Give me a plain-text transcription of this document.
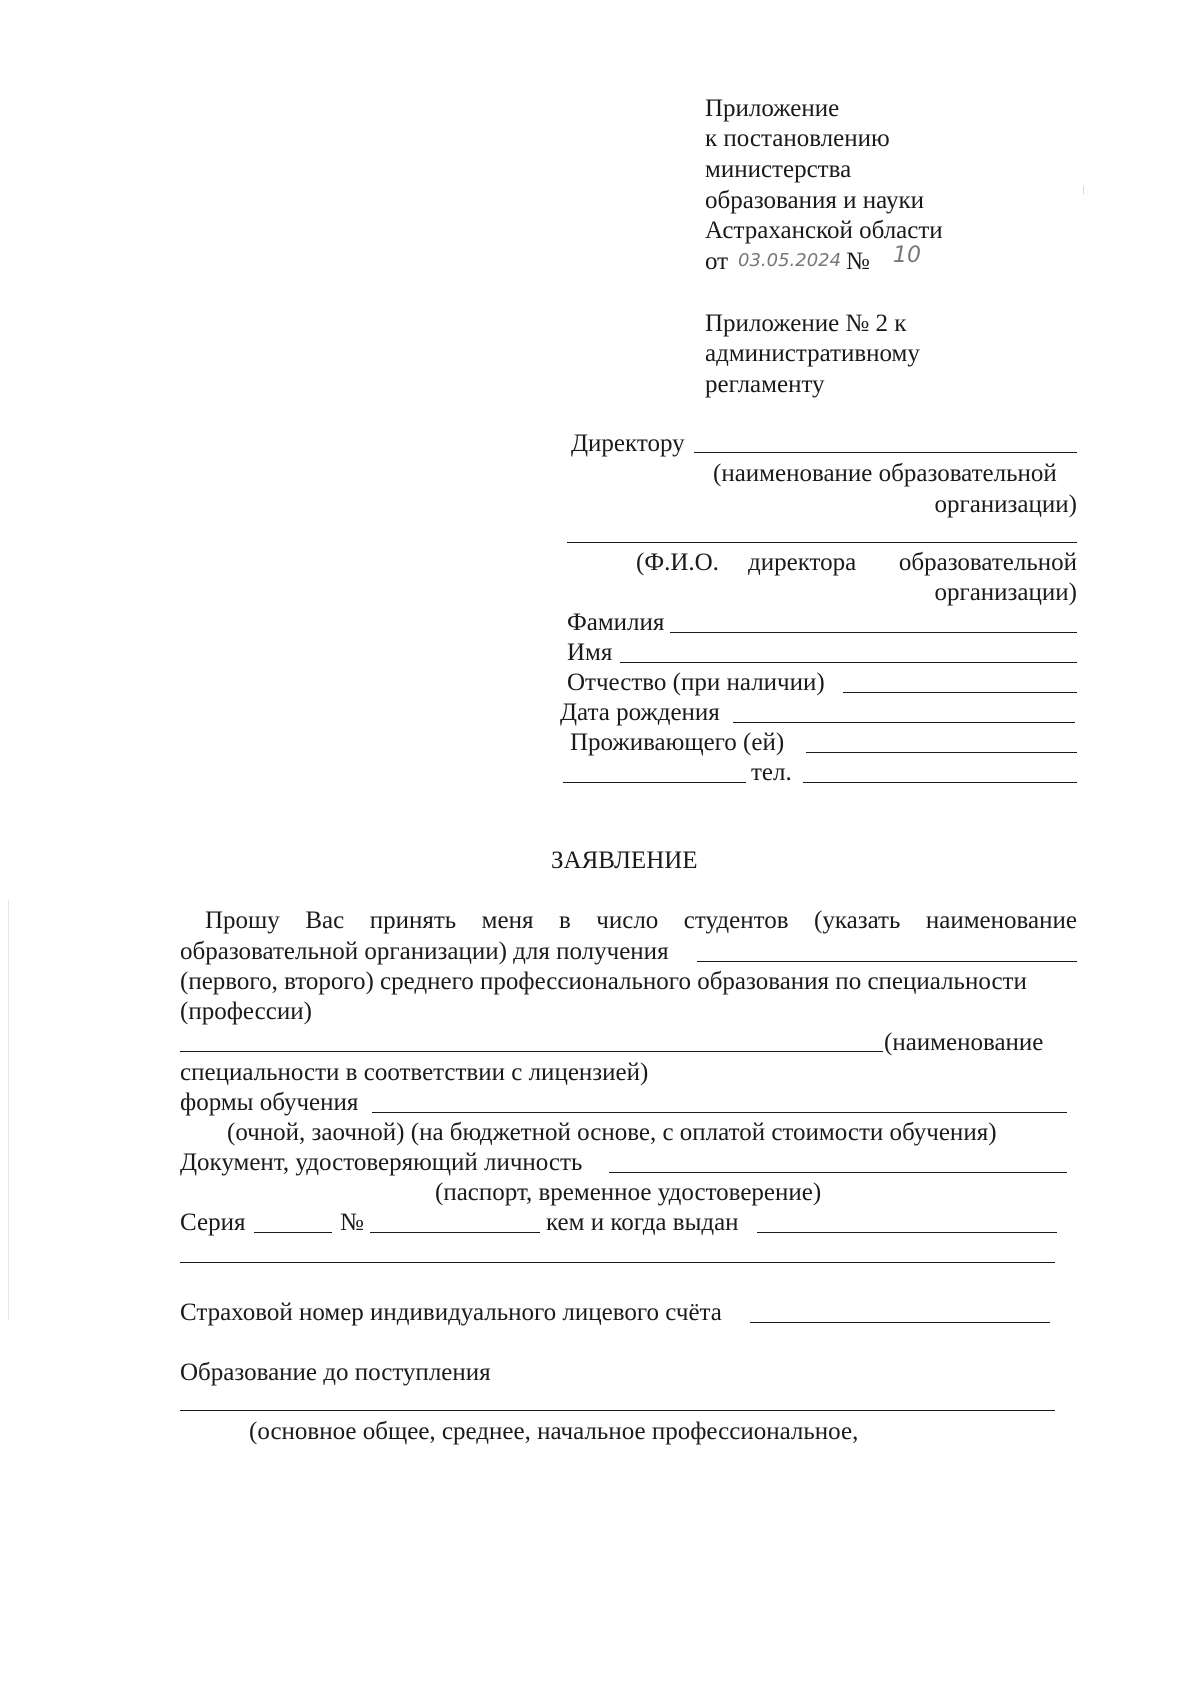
Приложение
к постановлению
министерства
образования и науки
Астраханской области
от 03.05.2024 № 10
Приложение № 2 к
административному
регламенту
Директору
(наименование образовательной
организации)
(Ф.И.О. директора образовательной
организации)
Фамилия
Имя
Отчество (при наличии)
Дата рождения
Проживающего (ей)
тел.
ЗАЯВЛЕНИЕ
Прошу Вас принять меня в число студентов (указать наименование
образовательной организации) для получения
(первого, второго) среднего профессионального образования по специальности
(профессии)
(наименование
специальности в соответствии с лицензией)
формы обучения
(очной, заочной) (на бюджетной основе, с оплатой стоимости обучения)
Документ, удостоверяющий личность
(паспорт, временное удостоверение)
Серия	№	кем и когда выдан
Страховой номер индивидуального лицевого счёта
Образование до поступления
(основное общее, среднее, начальное профессиональное,
